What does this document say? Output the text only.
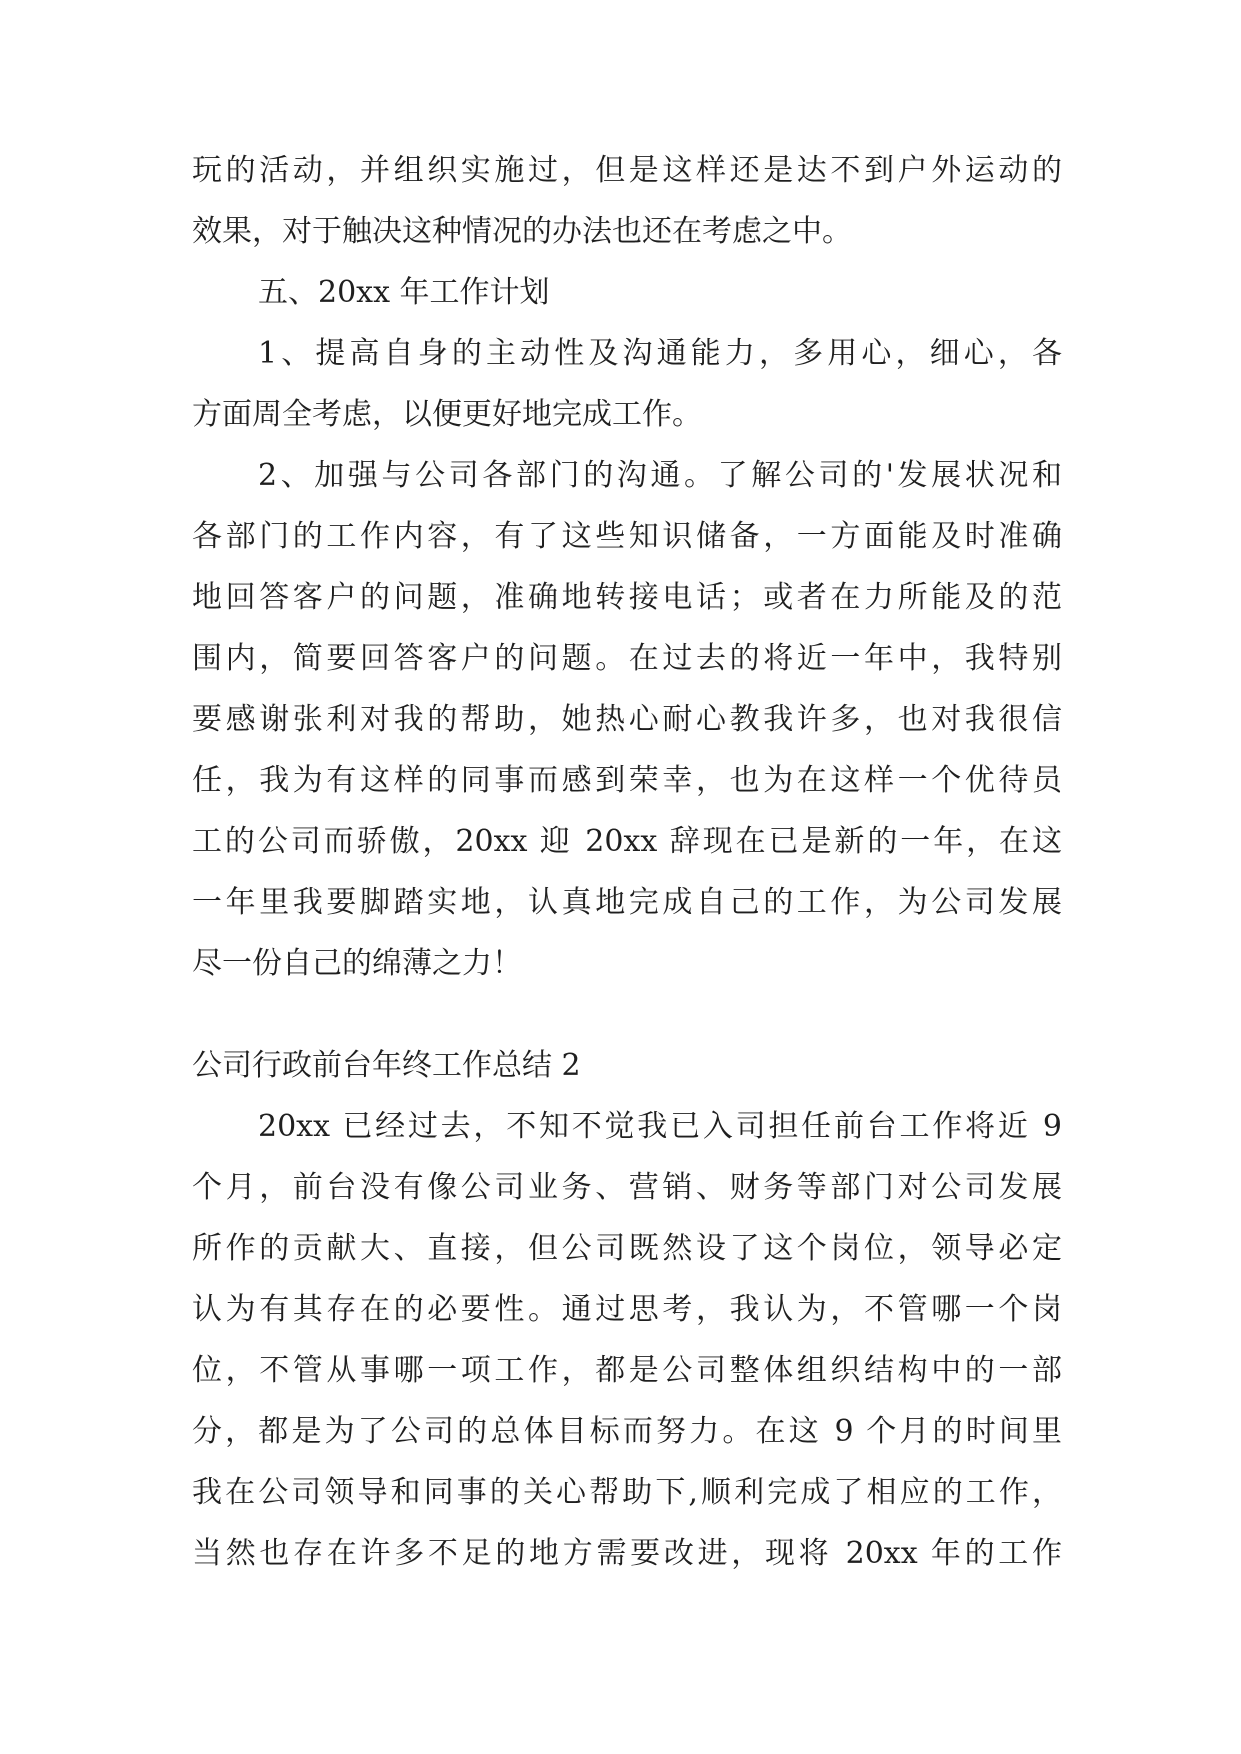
玩的活动，并组织实施过，但是这样还是达不到户外运动的
效果，对于触决这种情况的办法也还在考虑之中。
五、20xx 年工作计划
1、提高自身的主动性及沟通能力，多用心，细心，各
方面周全考虑，以便更好地完成工作。
2、加强与公司各部门的沟通。了解公司的'发展状况和
各部门的工作内容，有了这些知识储备，一方面能及时准确
地回答客户的问题，准确地转接电话；或者在力所能及的范
围内，简要回答客户的问题。在过去的将近一年中，我特别
要感谢张利对我的帮助，她热心耐心教我许多，也对我很信
任，我为有这样的同事而感到荣幸，也为在这样一个优待员
工的公司而骄傲，20xx 迎 20xx 辞现在已是新的一年，在这
一年里我要脚踏实地，认真地完成自己的工作，为公司发展
尽一份自己的绵薄之力！
公司行政前台年终工作总结 2
20xx 已经过去，不知不觉我已入司担任前台工作将近 9
个月，前台没有像公司业务、营销、财务等部门对公司发展
所作的贡献大、直接，但公司既然设了这个岗位，领导必定
认为有其存在的必要性。通过思考，我认为，不管哪一个岗
位，不管从事哪一项工作，都是公司整体组织结构中的一部
分，都是为了公司的总体目标而努力。在这 9 个月的时间里
我在公司领导和同事的关心帮助下,顺利完成了相应的工作，
当然也存在许多不足的地方需要改进，现将 20xx 年的工作
